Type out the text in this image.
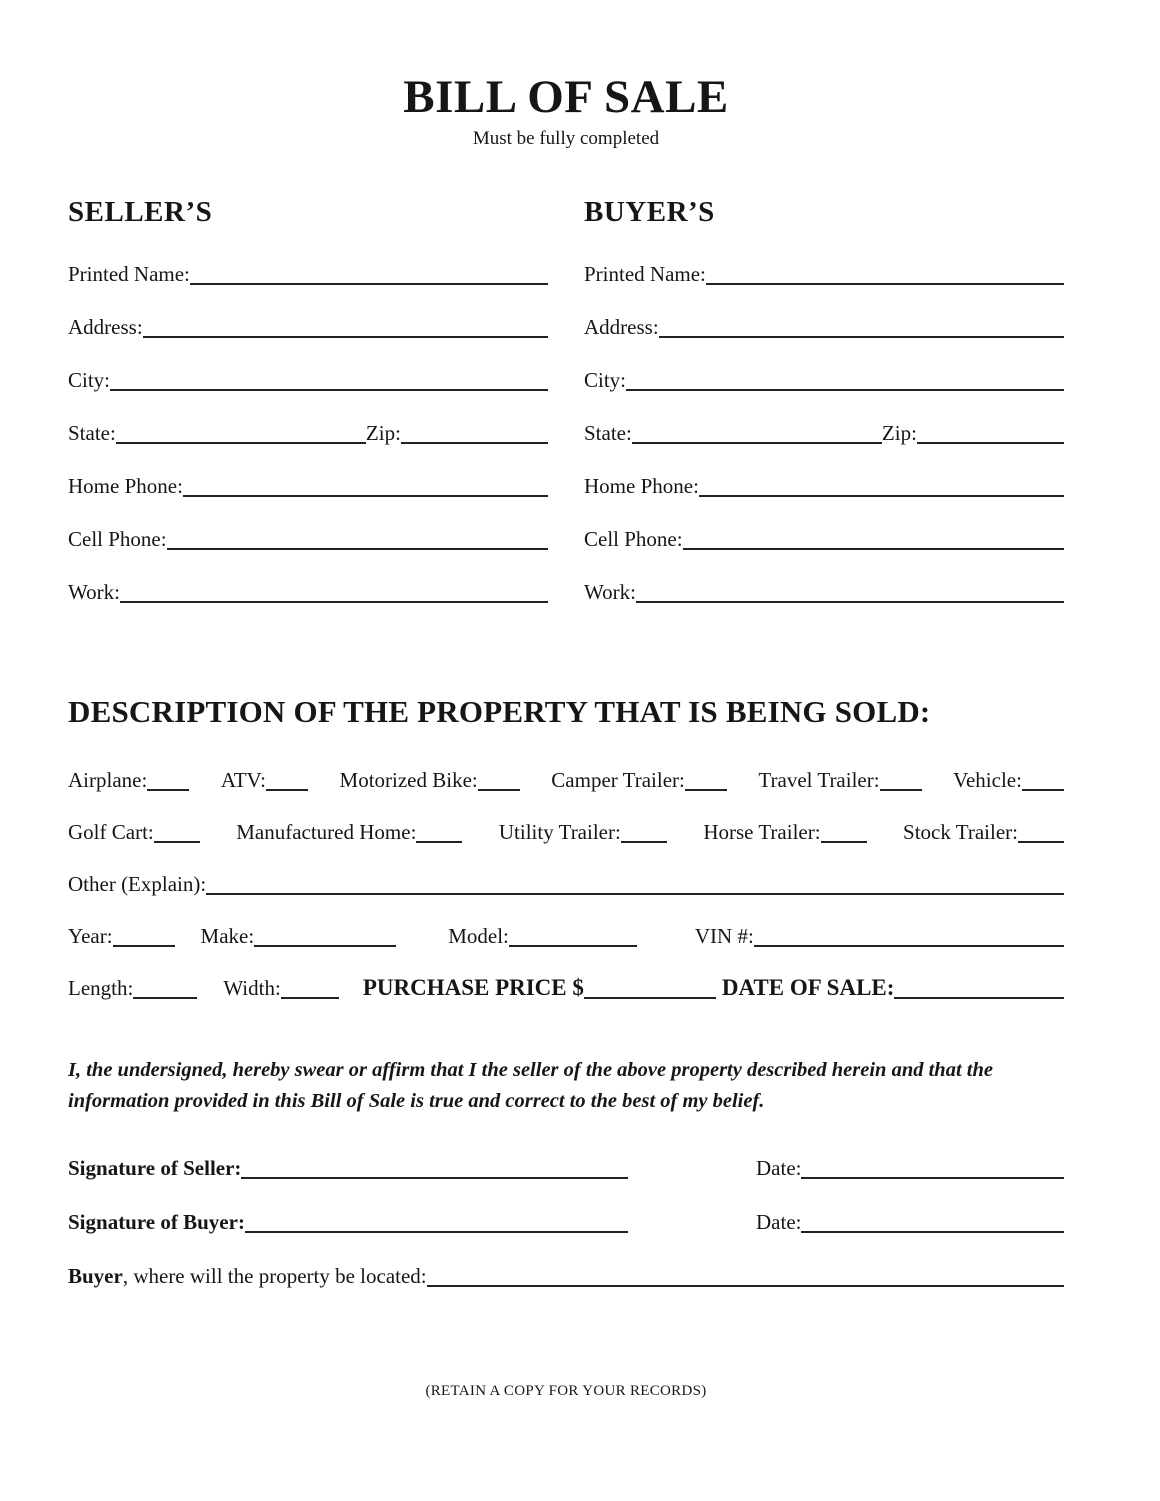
BILL OF SALE
Must be fully completed
SELLER’S
Printed Name:
Address:
City:
State:	Zip:
Home Phone:
Cell Phone:
Work:
BUYER’S
Printed Name:
Address:
City:
State:	Zip:
Home Phone:
Cell Phone:
Work:
DESCRIPTION OF THE PROPERTY THAT IS BEING SOLD:
Airplane:	ATV:	Motorized Bike:	Camper Trailer:	Travel Trailer:	Vehicle:
Golf Cart:	Manufactured Home:	Utility Trailer:	Horse Trailer:	Stock Trailer:
Other (Explain):
Year:	Make:	Model:	VIN #:
Length:	Width:	PURCHASE PRICE $	DATE OF SALE:
I, the undersigned, hereby swear or affirm that I the seller of the above property described herein and that the information provided in this Bill of Sale is true and correct to the best of my belief.
Signature of Seller:	Date:
Signature of Buyer:	Date:
Buyer , where will the property be located:
(RETAIN A COPY FOR YOUR RECORDS)
